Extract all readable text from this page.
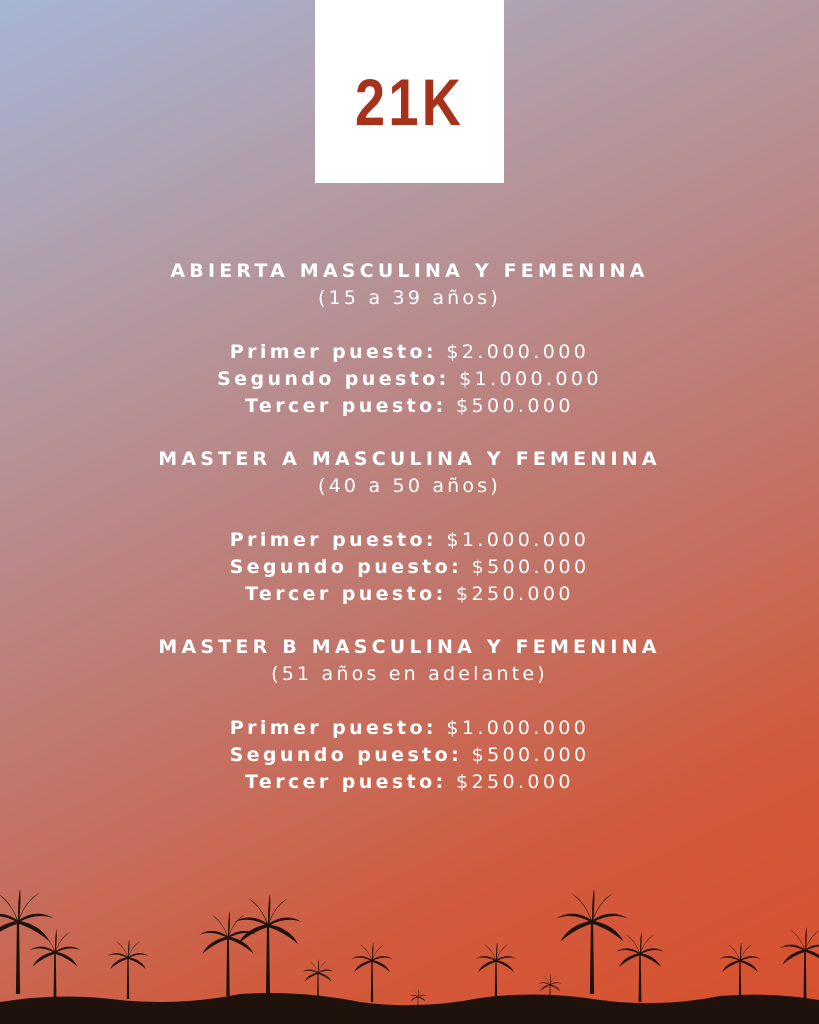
21K
ABIERTA MASCULINA Y FEMENINA
(15 a 39 años)
Primer puesto: $2.000.000
Segundo puesto: $1.000.000
Tercer puesto: $500.000
MASTER A MASCULINA Y FEMENINA
(40 a 50 años)
Primer puesto: $1.000.000
Segundo puesto: $500.000
Tercer puesto: $250.000
MASTER B MASCULINA Y FEMENINA
(51 años en adelante)
Primer puesto: $1.000.000
Segundo puesto: $500.000
Tercer puesto: $250.000
